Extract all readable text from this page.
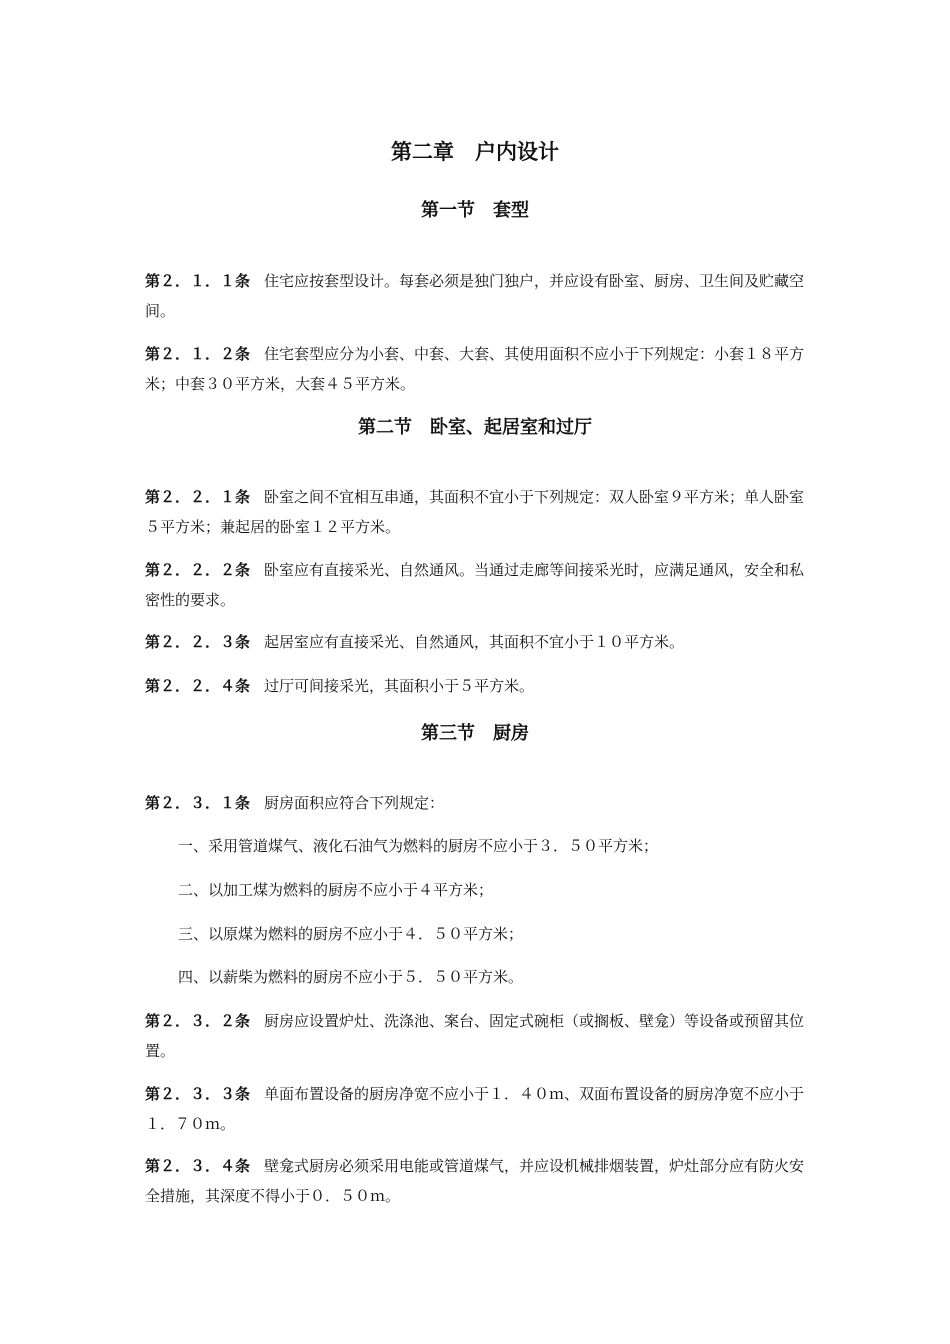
第二章　户内设计
第一节　套型
第２．１．１条 住宅应按套型设计。每套必须是独门独户，并应设有卧室、厨房、卫生间及贮藏空间。
第２．１．２条 住宅套型应分为小套、中套、大套、其使用面积不应小于下列规定：小套１８平方米；中套３０平方米，大套４５平方米。
第二节　卧室、起居室和过厅
第２．２．１条 卧室之间不宜相互串通，其面积不宜小于下列规定：双人卧室９平方米；单人卧室５平方米；兼起居的卧室１２平方米。
第２．２．２条 卧室应有直接采光、自然通风。当通过走廊等间接采光时，应满足通风，安全和私密性的要求。
第２．２．３条 起居室应有直接采光、自然通风，其面积不宜小于１０平方米。
第２．２．４条 过厅可间接采光，其面积小于５平方米。
第三节　厨房
第２．３．１条 厨房面积应符合下列规定：
一、采用管道煤气、液化石油气为燃料的厨房不应小于３．５０平方米；
二、以加工煤为燃料的厨房不应小于４平方米；
三、以原煤为燃料的厨房不应小于４．５０平方米；
四、以薪柴为燃料的厨房不应小于５．５０平方米。
第２．３．２条 厨房应设置炉灶、洗涤池、案台、固定式碗柜（或搁板、壁龛）等设备或预留其位置。
第２．３．３条 单面布置设备的厨房净宽不应小于１．４０ｍ、双面布置设备的厨房净宽不应小于１．７０ｍ。
第２．３．４条 壁龛式厨房必须采用电能或管道煤气，并应设机械排烟装置，炉灶部分应有防火安全措施，其深度不得小于０．５０ｍ。
